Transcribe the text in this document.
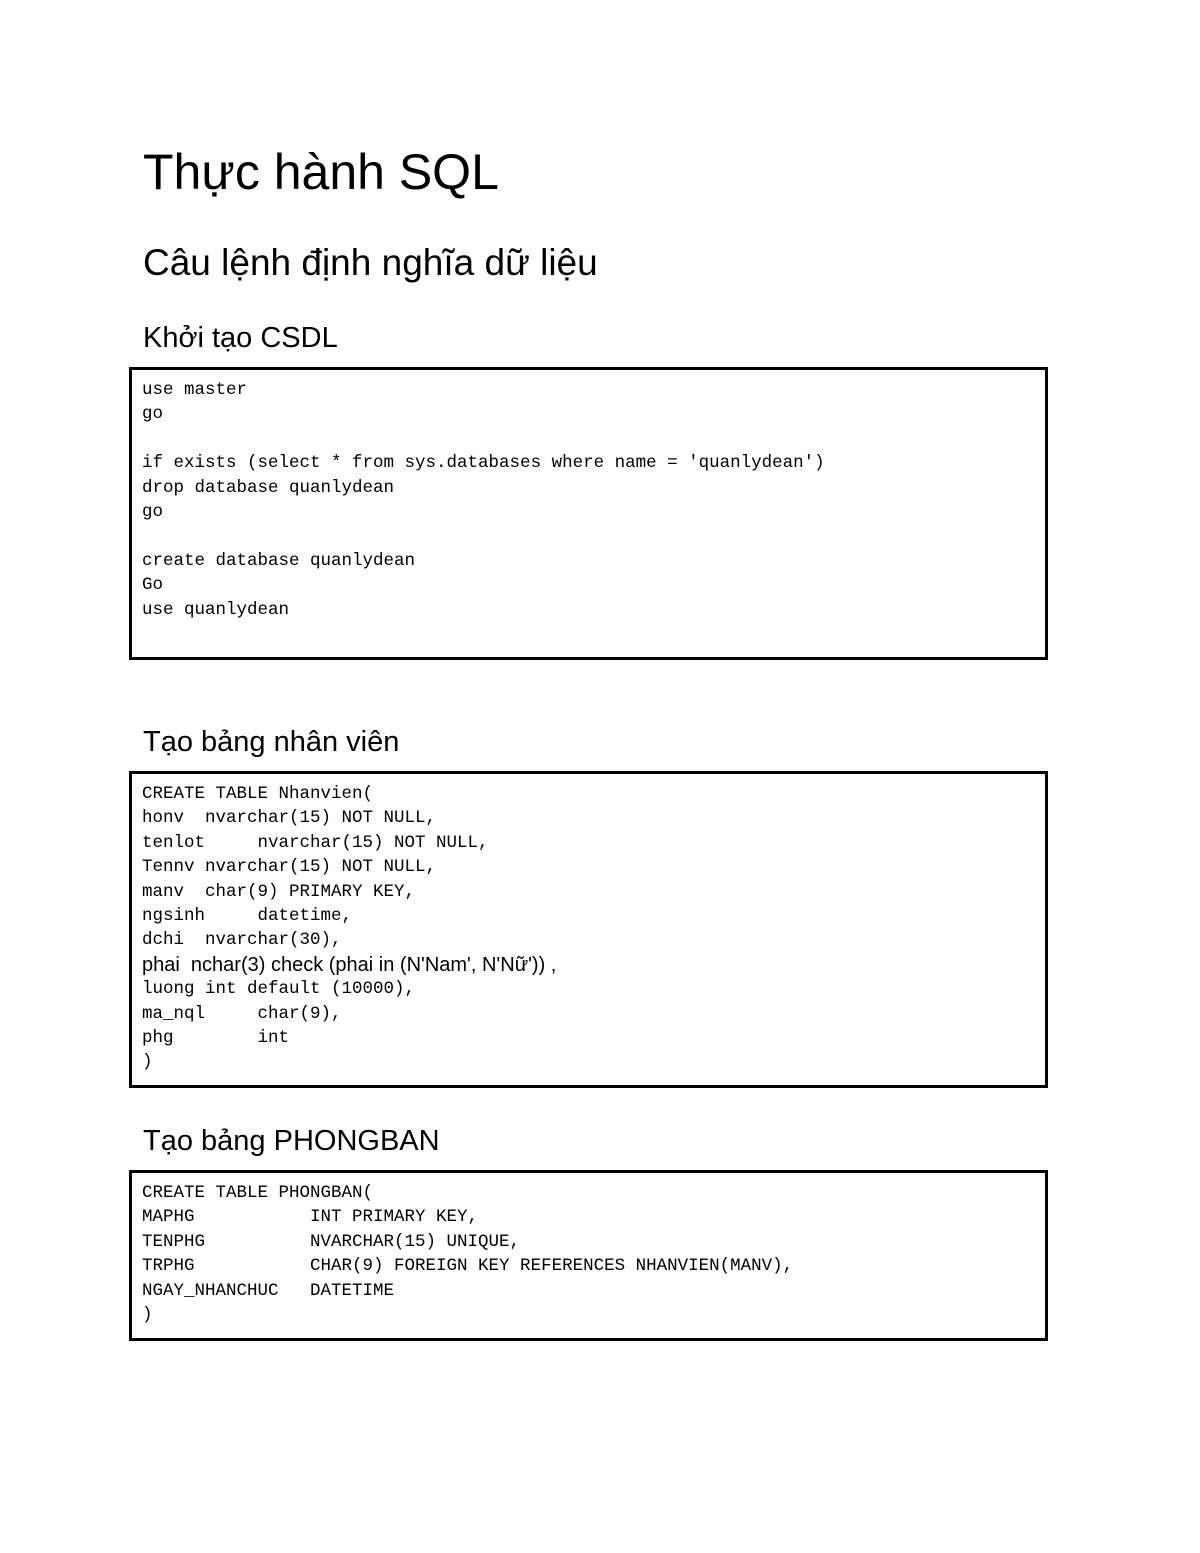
Thực hành SQL
Câu lệnh định nghĩa dữ liệu
Khởi tạo CSDL
use master
go
if exists (select * from sys.databases where name = 'quanlydean')
drop database quanlydean
go
create database quanlydean
Go
use quanlydean
Tạo bảng nhân viên
CREATE TABLE Nhanvien(
honv  nvarchar(15) NOT NULL,
tenlot     nvarchar(15) NOT NULL,
Tennv nvarchar(15) NOT NULL,
manv  char(9) PRIMARY KEY,
ngsinh     datetime,
dchi  nvarchar(30),
phai  nchar(3) check (phai in (N'Nam', N'Nữ')) ,
luong int default (10000),
ma_nql     char(9),
phg        int
)
Tạo bảng PHONGBAN
CREATE TABLE PHONGBAN(
MAPHG           INT PRIMARY KEY,
TENPHG          NVARCHAR(15) UNIQUE,
TRPHG           CHAR(9) FOREIGN KEY REFERENCES NHANVIEN(MANV),
NGAY_NHANCHUC   DATETIME
)
